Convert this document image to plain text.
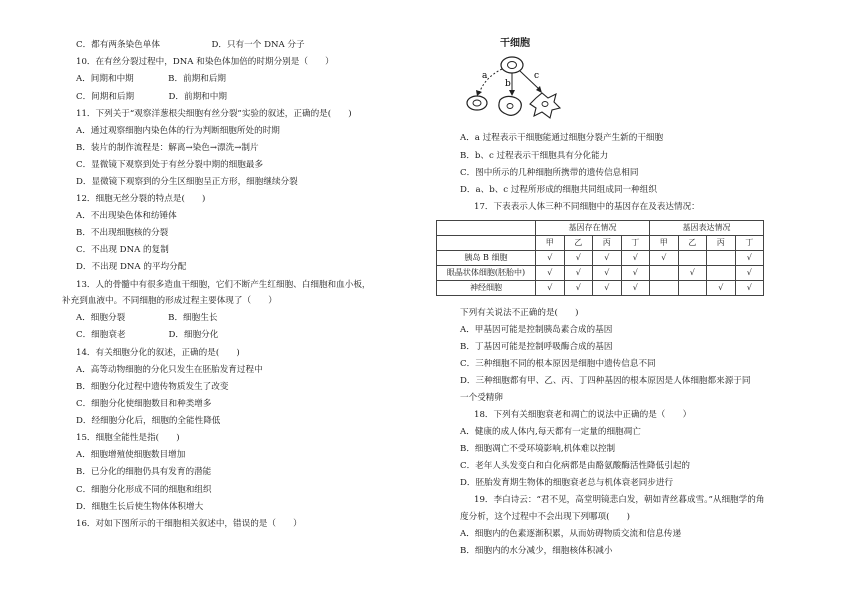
C．都有两条染色单体　　　　　　D．只有一个 DNA 分子
10．在有丝分裂过程中，DNA 和染色体加倍的时期分别是（　　）
A．间期和中期　　　　B．前期和后期
C．间期和后期　　　　D．前期和中期
11．下列关于“观察洋葱根尖细胞有丝分裂”实验的叙述，正确的是(　　)
A．通过观察细胞内染色体的行为判断细胞所处的时期
B．装片的制作流程是：解离→染色→漂洗→制片
C．显微镜下观察到处于有丝分裂中期的细胞最多
D．显微镜下观察到的分生区细胞呈正方形，细胞继续分裂
12．细胞无丝分裂的特点是(　　)
A．不出现染色体和纺锤体
B．不出现细胞核的分裂
C．不出现 DNA 的复制
D．不出现 DNA 的平均分配
13．人的骨髓中有很多造血干细胞，它们不断产生红细胞、白细胞和血小板，
补充到血液中。不同细胞的形成过程主要体现了（　　）
A．细胞分裂　　　　　B．细胞生长
C．细胞衰老　　　　　D．细胞分化
14．有关细胞分化的叙述，正确的是(　　)
A．高等动物细胞的分化只发生在胚胎发育过程中
B．细胞分化过程中遗传物质发生了改变
C．细胞分化使细胞数目和种类增多
D．经细胞分化后，细胞的全能性降低
15．细胞全能性是指(　　)
A．细胞增殖使细胞数目增加
B．已分化的细胞仍具有发育的潜能
C．细胞分化形成不同的细胞和组织
D．细胞生长后使生物体体积增大
16．对如下图所示的干细胞相关叙述中，错误的是（　　）
干细胞
a
b
c
A．a 过程表示干细胞能通过细胞分裂产生新的干细胞
B．b、c 过程表示干细胞具有分化能力
C．图中所示的几种细胞所携带的遗传信息相同
D．a、b、c 过程所形成的细胞共同组成同一种组织
17．下表表示人体三种不同细胞中的基因存在及表达情况：
下列有关说法不正确的是(　　)
A．甲基因可能是控制胰岛素合成的基因
B．丁基因可能是控制呼吸酶合成的基因
C．三种细胞不同的根本原因是细胞中遗传信息不同
D．三种细胞都有甲、乙、丙、丁四种基因的根本原因是人体细胞都来源于同
一个受精卵
18．下列有关细胞衰老和凋亡的说法中正确的是（　　）
A．健康的成人体内,每天都有一定量的细胞凋亡
B．细胞凋亡不受环境影响,机体难以控制
C．老年人头发变白和白化病都是由酪氨酸酶活性降低引起的
D．胚胎发育期生物体的细胞衰老总与机体衰老同步进行
19．李白诗云：“君不见，高堂明镜悲白发，朝如青丝暮成雪。”从细胞学的角
度分析，这个过程中不会出现下列哪项(　　)
A．细胞内的色素逐渐积累，从而妨碍物质交流和信息传递
B．细胞内的水分减少，细胞核体积减小
	基因存在情况				基因表达情况			
	甲	乙	丙	丁	甲	乙	丙	丁
胰岛 B 细胞	√	√	√	√	√			√
眼晶状体细胞(胚胎中)	√	√	√	√		√		√
神经细胞	√	√	√	√			√	√
